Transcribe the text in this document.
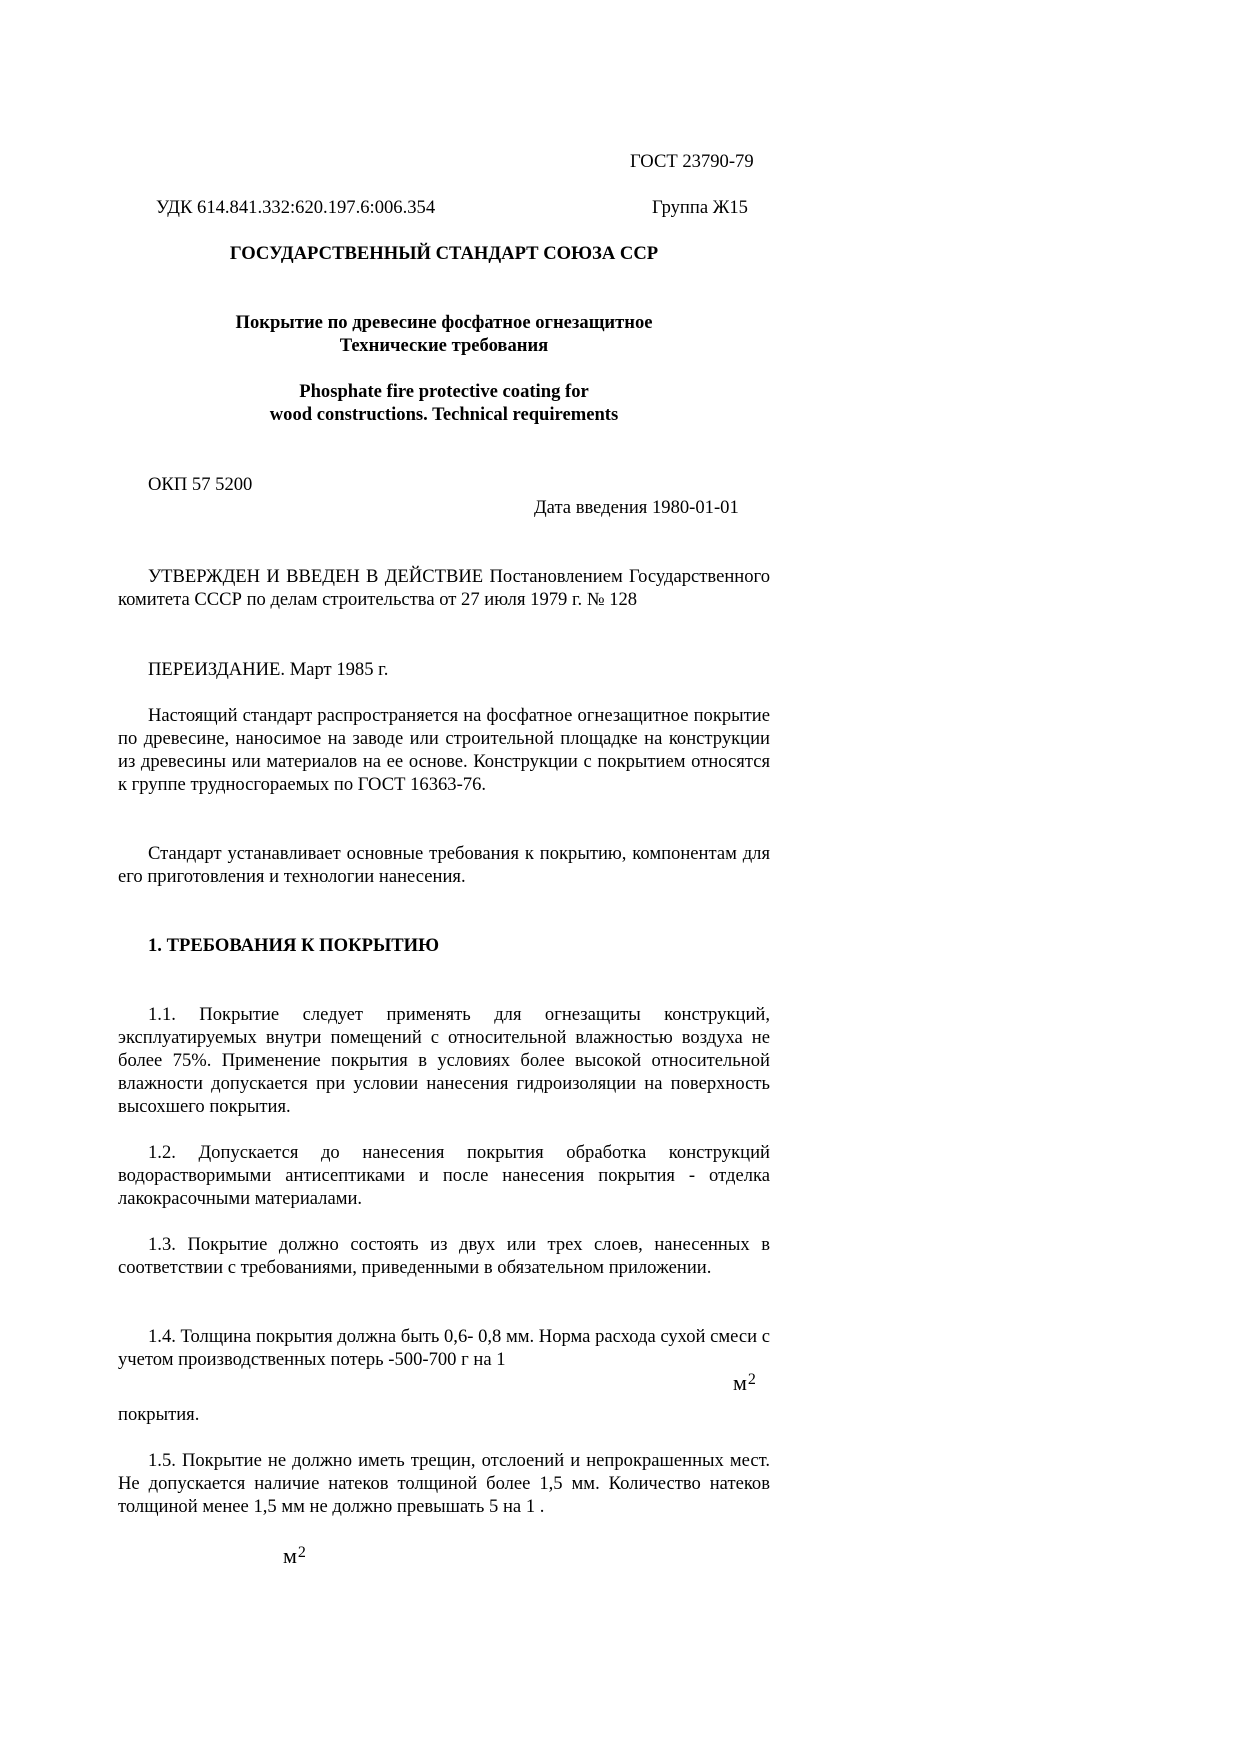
ГОСТ 23790-79
УДК 614.841.332:620.197.6:006.354	Группа Ж15
ГОСУДАРСТВЕННЫЙ СТАНДАРТ СОЮЗА ССР
Покрытие по древесине фосфатное огнезащитное
Технические требования
Phosphate fire protective coating for
wood constructions. Technical requirements
ОКП 57 5200
Дата введения 1980-01-01
УТВЕРЖДЕН И ВВЕДЕН В ДЕЙСТВИЕ Постановлением Государственного комитета СССР по делам строительства от 27 июля 1979 г. № 128
ПЕРЕИЗДАНИЕ. Март 1985 г.
Настоящий стандарт распространяется на фосфатное огнезащитное покрытие по древесине, наносимое на заводе или строительной площадке на конструкции из древесины или материалов на ее основе. Конструкции с покрытием относятся к группе трудносгораемых по ГОСТ 16363-76.
Стандарт устанавливает основные требования к покрытию, компонентам для его приготовления и технологии нанесения.
1. ТРЕБОВАНИЯ К ПОКРЫТИЮ
1.1. Покрытие следует применять для огнезащиты конструкций, эксплуатируемых внутри помещений с относительной влажностью воздуха не более 75%. Применение покрытия в условиях более высокой относительной влажности допускается при условии нанесения гидроизоляции на поверхность высохшего покрытия.
1.2. Допускается до нанесения покрытия обработка конструкций водорастворимыми антисептиками и после нанесения покрытия - отделка лакокрасочными материалами.
1.3. Покрытие должно состоять из двух или трех слоев, нанесенных в соответствии с требованиями, приведенными в обязательном приложении.
1.4. Толщина покрытия должна быть 0,6- 0,8 мм. Норма расхода сухой смеси с учетом производственных потерь -500-700 г на 1
$м^2$
покрытия.
1.5. Покрытие не должно иметь трещин, отслоений и непрокрашенных мест. Не допускается наличие натеков толщиной более 1,5 мм. Количество натеков толщиной менее 1,5 мм не должно превышать 5 на 1 .
$м^2$
